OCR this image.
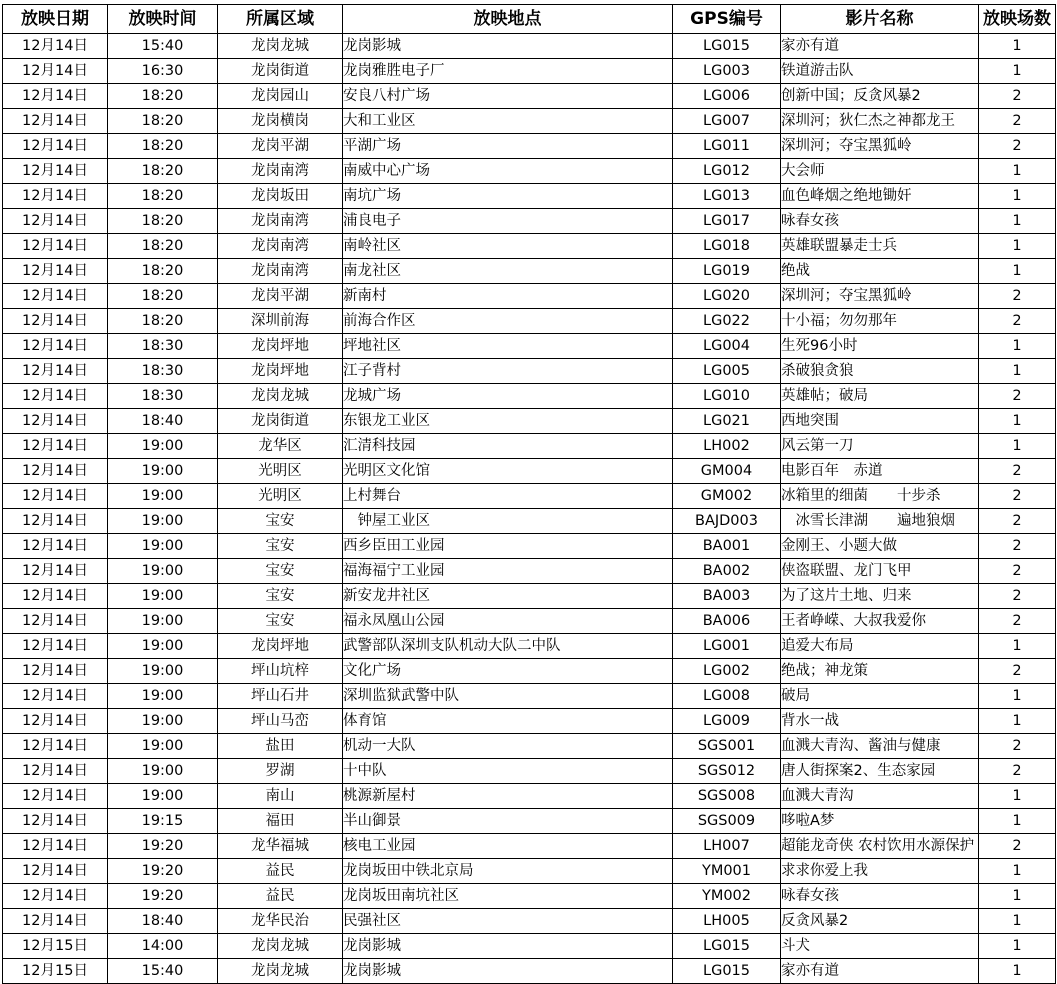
放映日期	放映时间	所属区域	放映地点	GPS编号	影片名称	放映场数
12月14日	15:40	龙岗龙城	龙岗影城	LG015	家亦有道	1
12月14日	16:30	龙岗街道	龙岗雅胜电子厂	LG003	铁道游击队	1
12月14日	18:20	龙岗园山	安良八村广场	LG006	创新中国；反贪风暴2	2
12月14日	18:20	龙岗横岗	大和工业区	LG007	深圳河；狄仁杰之神都龙王	2
12月14日	18:20	龙岗平湖	平湖广场	LG011	深圳河；夺宝黑狐岭	2
12月14日	18:20	龙岗南湾	南威中心广场	LG012	大会师	1
12月14日	18:20	龙岗坂田	南坑广场	LG013	血色峰烟之绝地锄奸	1
12月14日	18:20	龙岗南湾	浦良电子	LG017	咏春女孩	1
12月14日	18:20	龙岗南湾	南岭社区	LG018	英雄联盟暴走士兵	1
12月14日	18:20	龙岗南湾	南龙社区	LG019	绝战	1
12月14日	18:20	龙岗平湖	新南村	LG020	深圳河；夺宝黑狐岭	2
12月14日	18:20	深圳前海	前海合作区	LG022	十小福；勿勿那年	2
12月14日	18:30	龙岗坪地	坪地社区	LG004	生死96小时	1
12月14日	18:30	龙岗坪地	江子背村	LG005	杀破狼贪狼	1
12月14日	18:30	龙岗龙城	龙城广场	LG010	英雄帖；破局	2
12月14日	18:40	龙岗街道	东银龙工业区	LG021	西地突围	1
12月14日	19:00	龙华区	汇清科技园	LH002	风云第一刀	1
12月14日	19:00	光明区	光明区文化馆	GM004	电影百年　赤道	2
12月14日	19:00	光明区	上村舞台	GM002	冰箱里的细菌　　十步杀	2
12月14日	19:00	宝安	　钟屋工业区	BAJD003	　冰雪长津湖　　遍地狼烟	2
12月14日	19:00	宝安	西乡臣田工业园	BA001	金刚王、小题大做	2
12月14日	19:00	宝安	福海福宁工业园	BA002	侠盗联盟、龙门飞甲	2
12月14日	19:00	宝安	新安龙井社区	BA003	为了这片土地、归来	2
12月14日	19:00	宝安	福永凤凰山公园	BA006	王者峥嵘、大叔我爱你	2
12月14日	19:00	龙岗坪地	武警部队深圳支队机动大队二中队	LG001	追爱大布局	1
12月14日	19:00	坪山坑梓	文化广场	LG002	绝战；神龙策	2
12月14日	19:00	坪山石井	深圳监狱武警中队	LG008	破局	1
12月14日	19:00	坪山马峦	体育馆	LG009	背水一战	1
12月14日	19:00	盐田	机动一大队	SGS001	血溅大青沟、酱油与健康	2
12月14日	19:00	罗湖	十中队	SGS012	唐人街探案2、生态家园	2
12月14日	19:00	南山	桃源新屋村	SGS008	血溅大青沟	1
12月14日	19:15	福田	半山御景	SGS009	哆啦A梦	1
12月14日	19:20	龙华福城	核电工业园	LH007	超能龙奇侠 农村饮用水源保护	2
12月14日	19:20	益民	龙岗坂田中铁北京局	YM001	求求你爱上我	1
12月14日	19:20	益民	龙岗坂田南坑社区	YM002	咏春女孩	1
12月14日	18:40	龙华民治	民强社区	LH005	反贪风暴2	1
12月15日	14:00	龙岗龙城	龙岗影城	LG015	斗犬	1
12月15日	15:40	龙岗龙城	龙岗影城	LG015	家亦有道	1
